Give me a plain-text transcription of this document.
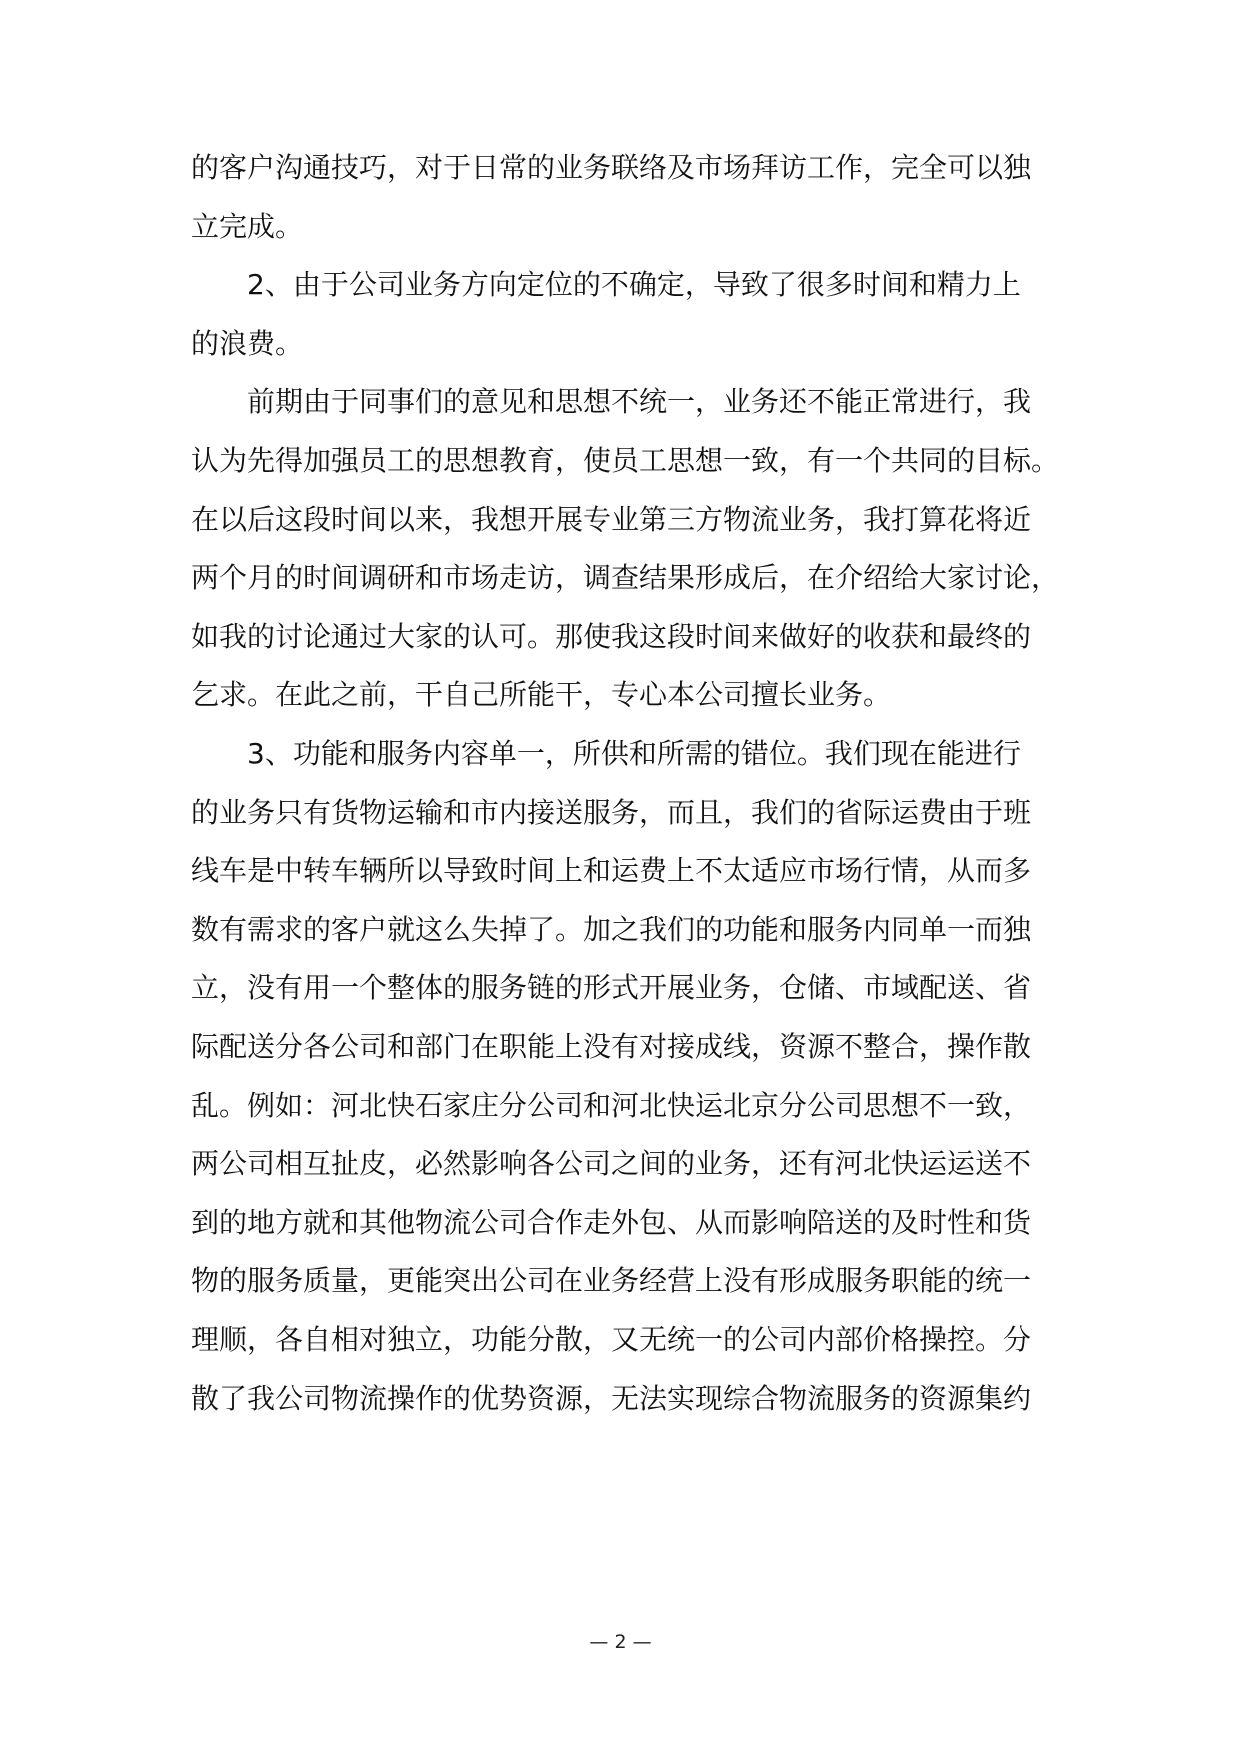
的客户沟通技巧，对于日常的业务联络及市场拜访工作，完全可以独
立完成。
2、由于公司业务方向定位的不确定，导致了很多时间和精力上
的浪费。
前期由于同事们的意见和思想不统一，业务还不能正常进行，我
认为先得加强员工的思想教育，使员工思想一致，有一个共同的目标。
在以后这段时间以来，我想开展专业第三方物流业务，我打算花将近
两个月的时间调研和市场走访，调查结果形成后，在介绍给大家讨论，
如我的讨论通过大家的认可。那使我这段时间来做好的收获和最终的
乞求。在此之前，干自己所能干，专心本公司擅长业务。
3、功能和服务内容单一，所供和所需的错位。我们现在能进行
的业务只有货物运输和市内接送服务，而且，我们的省际运费由于班
线车是中转车辆所以导致时间上和运费上不太适应市场行情，从而多
数有需求的客户就这么失掉了。加之我们的功能和服务内同单一而独
立，没有用一个整体的服务链的形式开展业务，仓储、市域配送、省
际配送分各公司和部门在职能上没有对接成线，资源不整合，操作散
乱。例如：河北快石家庄分公司和河北快运北京分公司思想不一致，
两公司相互扯皮，必然影响各公司之间的业务，还有河北快运运送不
到的地方就和其他物流公司合作走外包、从而影响陪送的及时性和货
物的服务质量，更能突出公司在业务经营上没有形成服务职能的统一
理顺，各自相对独立，功能分散，又无统一的公司内部价格操控。分
散了我公司物流操作的优势资源，无法实现综合物流服务的资源集约
— 2 —
